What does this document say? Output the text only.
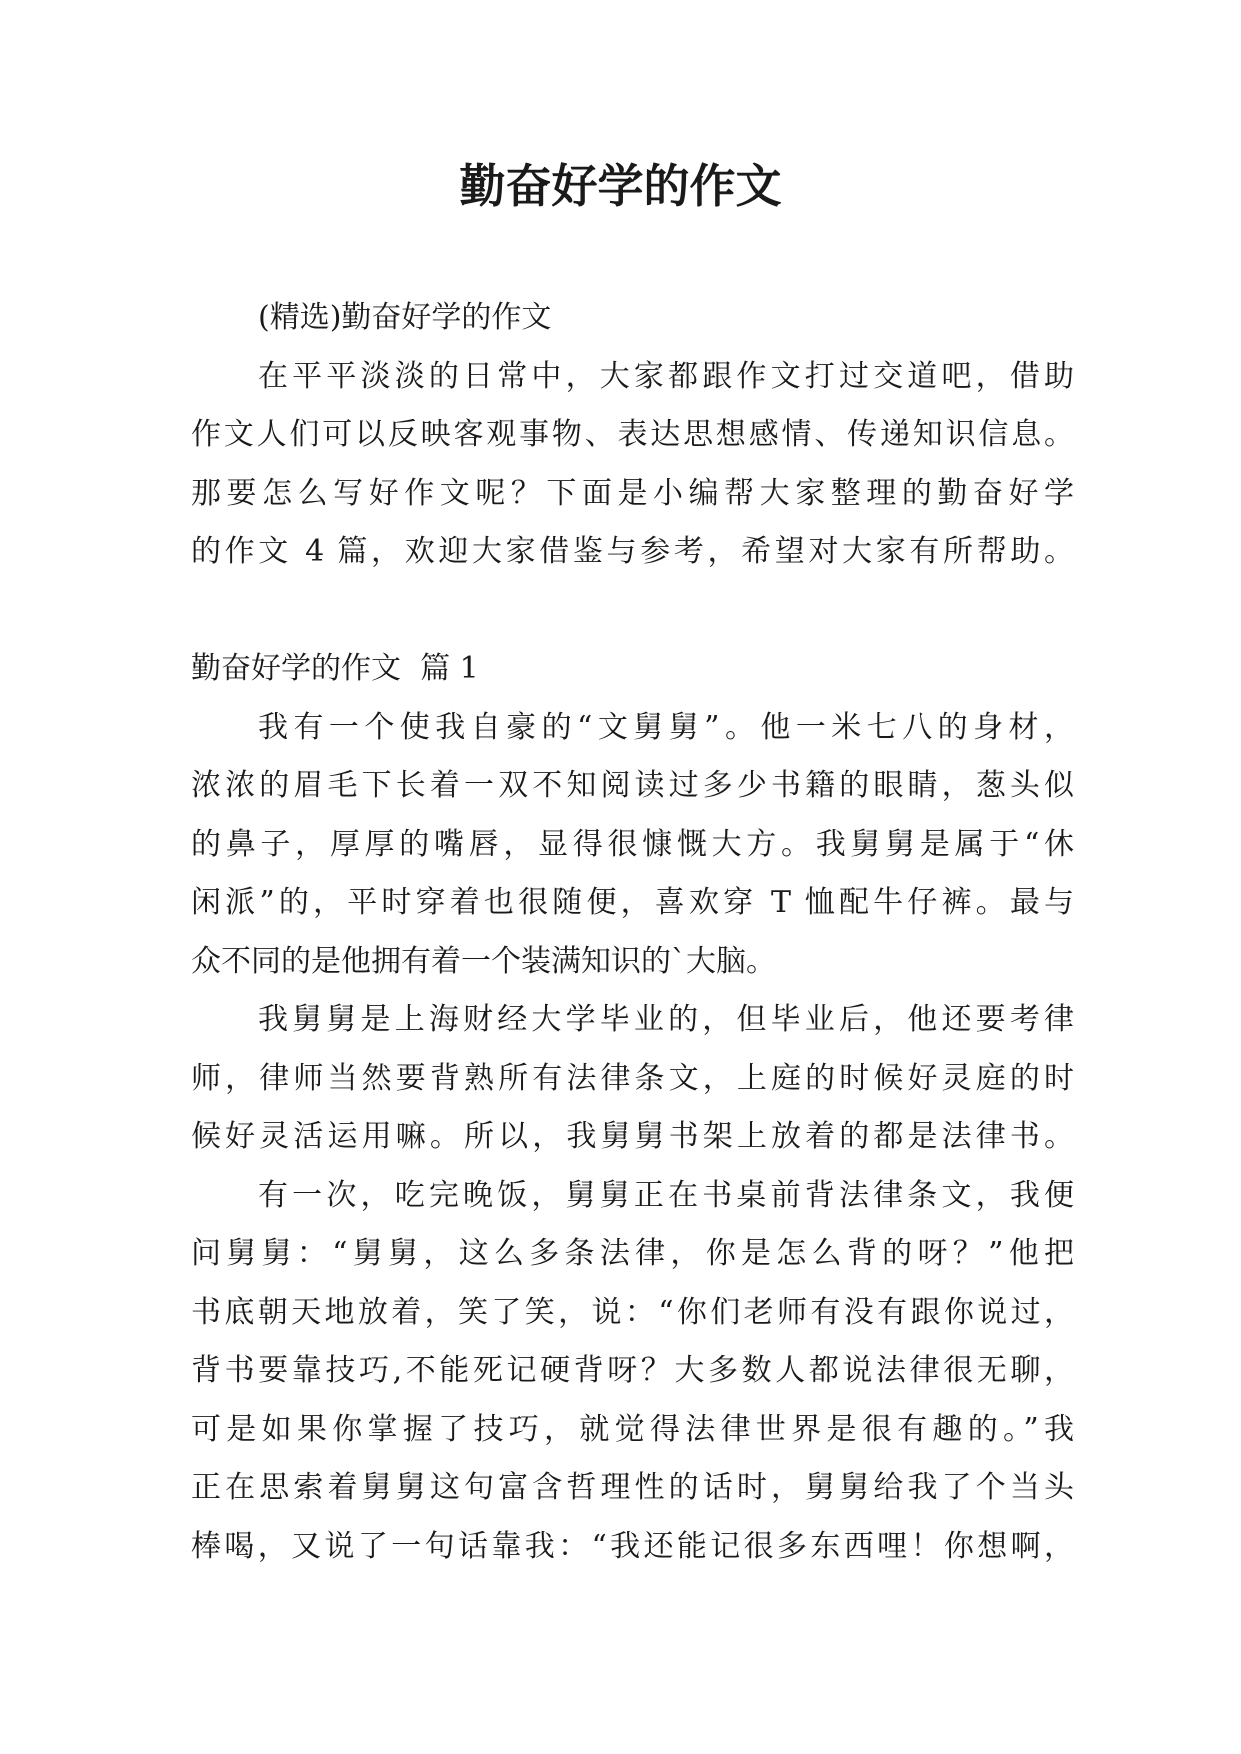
勤奋好学的作文
(精选)勤奋好学的作文
在平平淡淡的日常中，大家都跟作文打过交道吧，借助
作文人们可以反映客观事物、表达思想感情、传递知识信息。
那要怎么写好作文呢？下面是小编帮大家整理的勤奋好学
的作文 4 篇，欢迎大家借鉴与参考，希望对大家有所帮助。
勤奋好学的作文  篇 1
我有一个使我自豪的“文舅舅”。他一米七八的身材，
浓浓的眉毛下长着一双不知阅读过多少书籍的眼睛，葱头似
的鼻子，厚厚的嘴唇，显得很慷慨大方。我舅舅是属于“休
闲派”的，平时穿着也很随便，喜欢穿 T 恤配牛仔裤。最与
众不同的是他拥有着一个装满知识的`大脑。
我舅舅是上海财经大学毕业的，但毕业后，他还要考律
师，律师当然要背熟所有法律条文，上庭的时候好灵庭的时
候好灵活运用嘛。所以，我舅舅书架上放着的都是法律书。
有一次，吃完晚饭，舅舅正在书桌前背法律条文，我便
问舅舅：“舅舅，这么多条法律，你是怎么背的呀？”他把
书底朝天地放着，笑了笑，说：“你们老师有没有跟你说过，
背书要靠技巧,不能死记硬背呀？大多数人都说法律很无聊，
可是如果你掌握了技巧，就觉得法律世界是很有趣的。”我
正在思索着舅舅这句富含哲理性的话时，舅舅给我了个当头
棒喝，又说了一句话靠我：“我还能记很多东西哩！你想啊，
